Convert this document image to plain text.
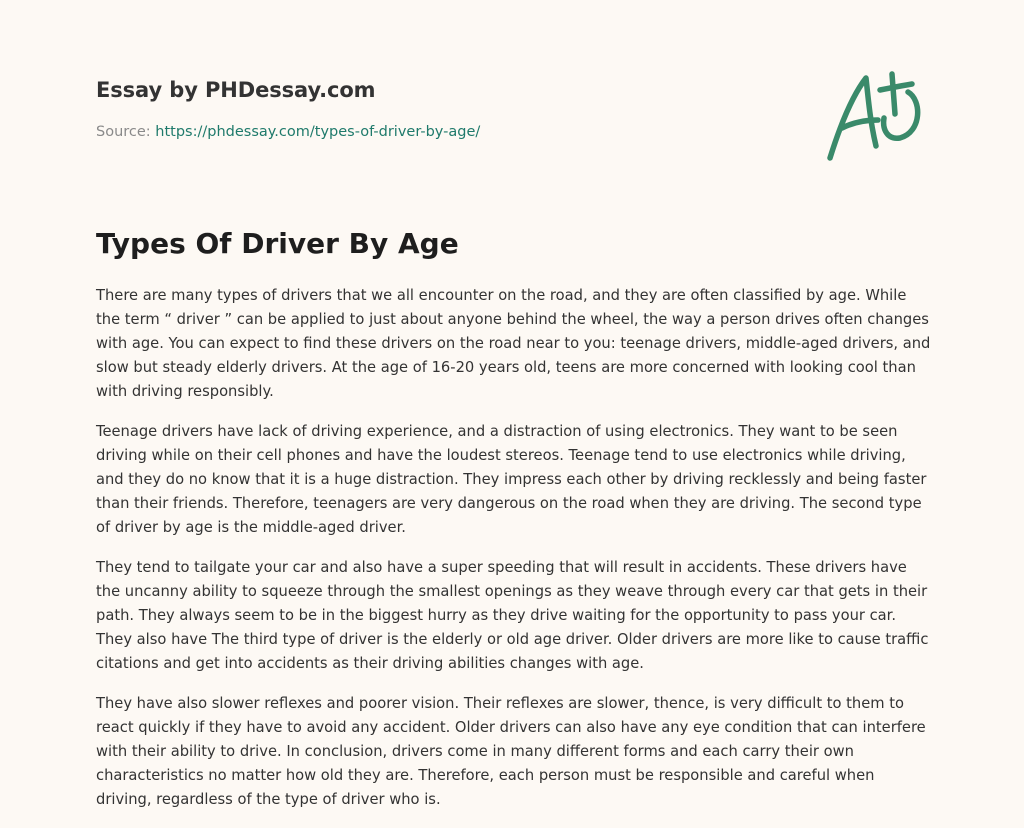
Essay by PHDessay.com
Source: https://phdessay.com/types-of-driver-by-age/
Types Of Driver By Age

There are many types of drivers that we all encounter on the road, and they are often classified by age. While the term “ driver ” can be applied to just about anyone behind the wheel, the way a person drives often changes with age. You can expect to find these drivers on the road near to you: teenage drivers, middle-aged drivers, and slow but steady elderly drivers. At the age of 16-20 years old, teens are more concerned with looking cool than with driving responsibly.

Teenage drivers have lack of driving experience, and a distraction of using electronics. They want to be seen driving while on their cell phones and have the loudest stereos. Teenage tend to use electronics while driving, and they do no know that it is a huge distraction. They impress each other by driving recklessly and being faster than their friends. Therefore, teenagers are very dangerous on the road when they are driving. The second type of driver by age is the middle-aged driver.

They tend to tailgate your car and also have a super speeding that will result in accidents. These drivers have the uncanny ability to squeeze through the smallest openings as they weave through every car that gets in their path. They always seem to be in the biggest hurry as they drive waiting for the opportunity to pass your car. They also have The third type of driver is the elderly or old age driver. Older drivers are more like to cause traffic citations and get into accidents as their driving abilities changes with age.

They have also slower reflexes and poorer vision. Their reflexes are slower, thence, is very difficult to them to react quickly if they have to avoid any accident. Older drivers can also have any eye condition that can interfere with their ability to drive. In conclusion, drivers come in many different forms and each carry their own characteristics no matter how old they are. Therefore, each person must be responsible and careful when driving, regardless of the type of driver who is.
